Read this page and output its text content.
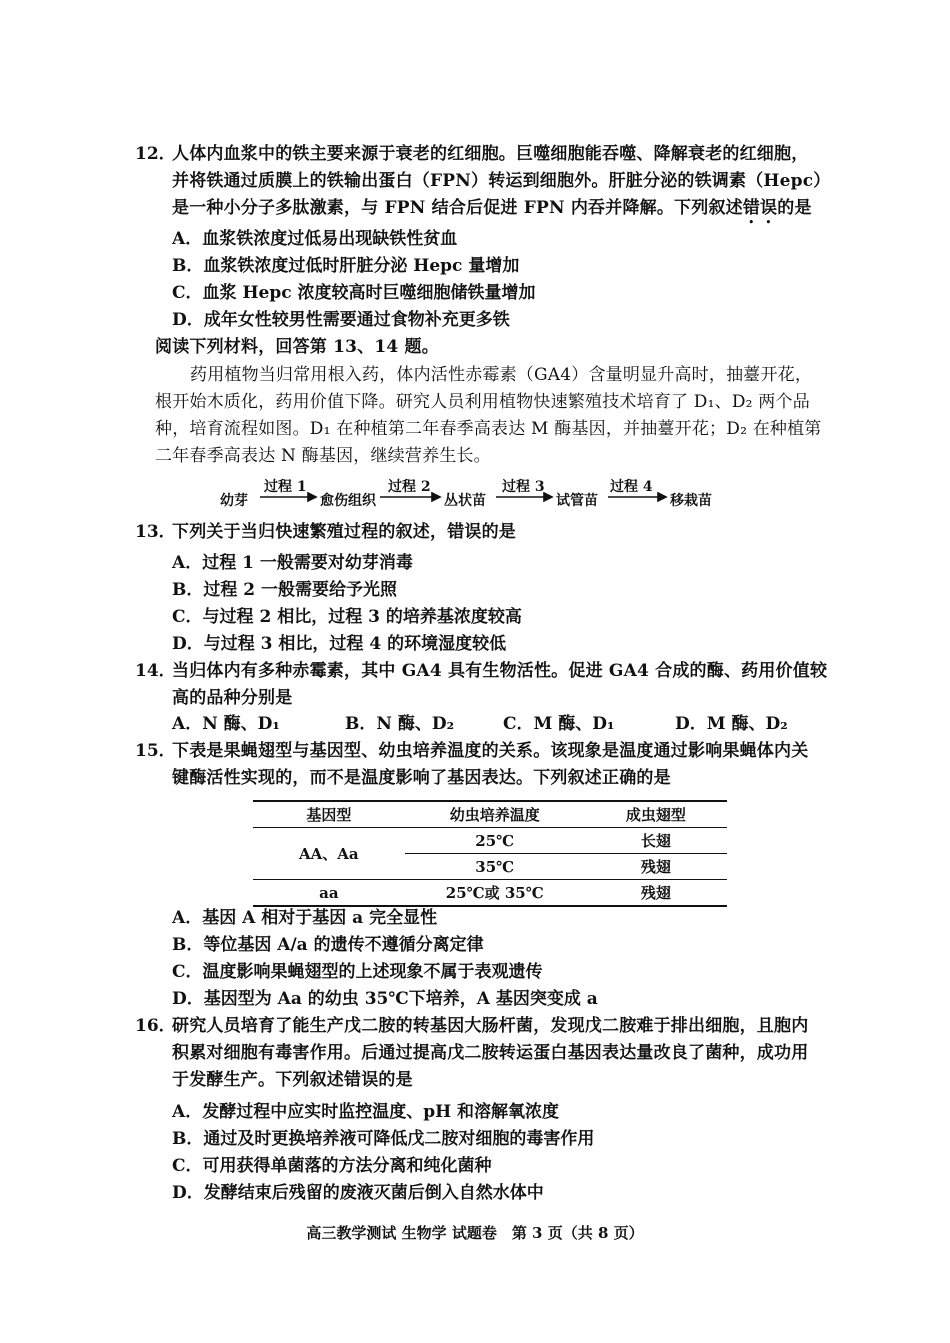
12．
人体内血浆中的铁主要来源于衰老的红细胞。巨噬细胞能吞噬、降解衰老的红细胞，
并将铁通过质膜上的铁输出蛋白（FPN）转运到细胞外。肝脏分泌的铁调素（Hepc）
是一种小分子多肽激素，与 FPN 结合后促进 FPN 内吞并降解。下列叙述错误的是
A．血浆铁浓度过低易出现缺铁性贫血
B．血浆铁浓度过低时肝脏分泌 Hepc 量增加
C．血浆 Hepc 浓度较高时巨噬细胞储铁量增加
D．成年女性较男性需要通过食物补充更多铁
阅读下列材料，回答第 13、14 题。
药用植物当归常用根入药，体内活性赤霉素（GA4）含量明显升高时，抽薹开花，
根开始木质化，药用价值下降。研究人员利用植物快速繁殖技术培育了 D₁、D₂ 两个品
种，培育流程如图。D₁ 在种植第二年春季高表达 M 酶基因，并抽薹开花；D₂ 在种植第
二年春季高表达 N 酶基因，继续营养生长。
幼芽
过程 1
愈伤组织
过程 2
丛状苗
过程 3
试管苗
过程 4
移栽苗
13．
下列关于当归快速繁殖过程的叙述，错误的是
A．过程 1 一般需要对幼芽消毒
B．过程 2 一般需要给予光照
C．与过程 2 相比，过程 3 的培养基浓度较高
D．与过程 3 相比，过程 4 的环境湿度较低
14．
当归体内有多种赤霉素，其中 GA4 具有生物活性。促进 GA4 合成的酶、药用价值较
高的品种分别是
A．N 酶、D₁	B．N 酶、D₂	C．M 酶、D₁	D．M 酶、D₂
15．
下表是果蝇翅型与基因型、幼虫培养温度的关系。该现象是温度通过影响果蝇体内关
键酶活性实现的，而不是温度影响了基因表达。下列叙述正确的是
基因型	幼虫培养温度	成虫翅型
AA、Aa	25℃	长翅
	35℃	残翅
aa	25℃或 35℃	残翅
A．基因 A 相对于基因 a 完全显性
B．等位基因 A/a 的遗传不遵循分离定律
C．温度影响果蝇翅型的上述现象不属于表观遗传
D．基因型为 Aa 的幼虫 35℃下培养，A 基因突变成 a
16．
研究人员培育了能生产戊二胺的转基因大肠杆菌，发现戊二胺难于排出细胞，且胞内
积累对细胞有毒害作用。后通过提高戊二胺转运蛋白基因表达量改良了菌种，成功用
于发酵生产。下列叙述错误的是
A．发酵过程中应实时监控温度、pH 和溶解氧浓度
B．通过及时更换培养液可降低戊二胺对细胞的毒害作用
C．可用获得单菌落的方法分离和纯化菌种
D．发酵结束后残留的废液灭菌后倒入自然水体中
高三教学测试 生物学 试题卷　第 3 页（共 8 页）
